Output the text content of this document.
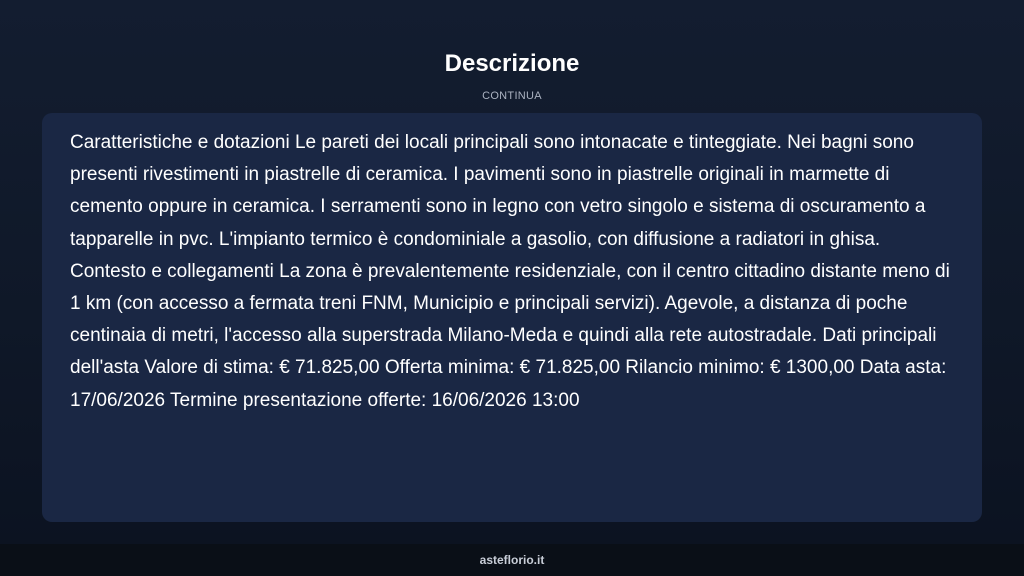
Descrizione
CONTINUA

Caratteristiche e dotazioni Le pareti dei locali principali sono intonacate e tinteggiate. Nei bagni sono presenti rivestimenti in piastrelle di ceramica. I pavimenti sono in piastrelle originali in marmette di cemento oppure in ceramica. I serramenti sono in legno con vetro singolo e sistema di oscuramento a tapparelle in pvc. L'impianto termico è condominiale a gasolio, con diffusione a radiatori in ghisa. Contesto e collegamenti La zona è prevalentemente residenziale, con il centro cittadino distante meno di 1 km (con accesso a fermata treni FNM, Municipio e principali servizi). Agevole, a distanza di poche centinaia di metri, l'accesso alla superstrada Milano-Meda e quindi alla rete autostradale. Dati principali dell'asta Valore di stima: € 71.825,00 Offerta minima: € 71.825,00 Rilancio minimo: € 1300,00 Data asta: 17/06/2026 Termine presentazione offerte: 16/06/2026 13:00

asteflorio.it
